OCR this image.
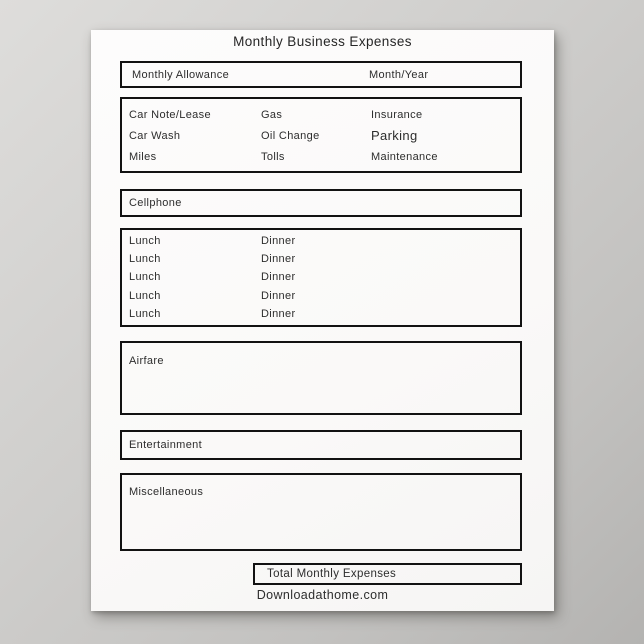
Monthly Business Expenses
Monthly Allowance	Month/Year
Car Note/Lease	Gas	Insurance
Car Wash	Oil Change	Parking
Miles	Tolls	Maintenance
Cellphone
Lunch	Dinner
Lunch	Dinner
Lunch	Dinner
Lunch	Dinner
Lunch	Dinner
Airfare
Entertainment
Miscellaneous
Total Monthly Expenses
Downloadathome.com
